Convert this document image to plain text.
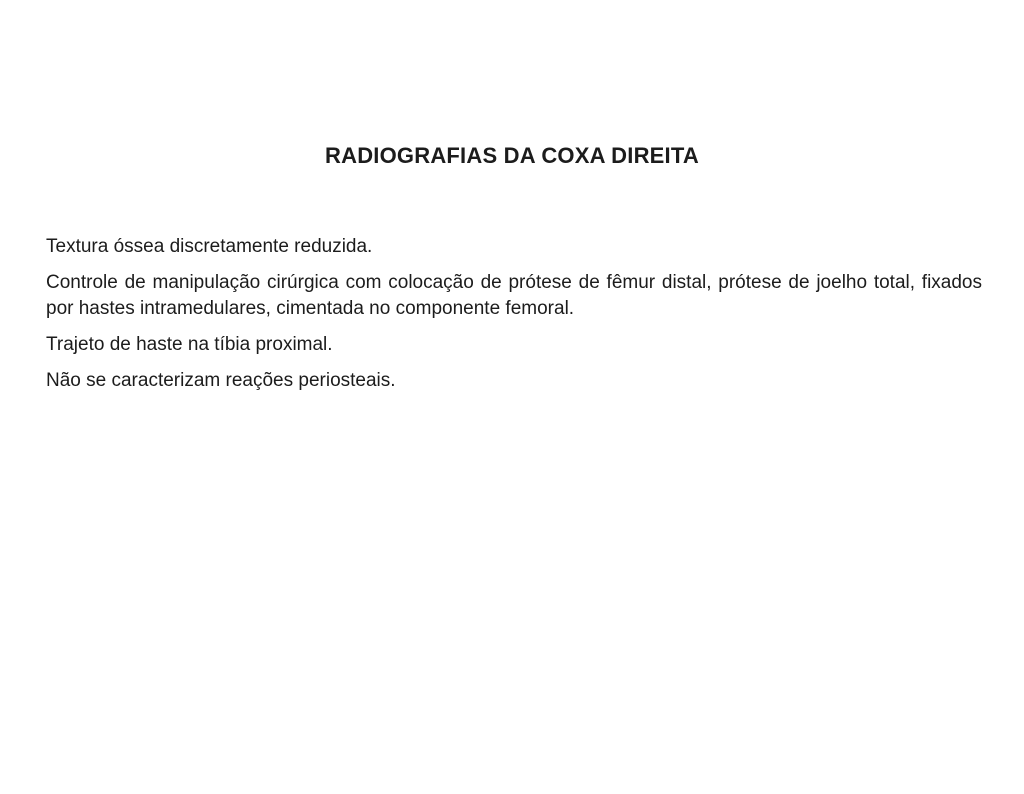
RADIOGRAFIAS DA COXA DIREITA

Textura óssea discretamente reduzida.

Controle de manipulação cirúrgica com colocação de prótese de fêmur distal, prótese de joelho total, fixados por hastes intramedulares, cimentada no componente femoral.

Trajeto de haste na tíbia proximal.

Não se caracterizam reações periosteais.
